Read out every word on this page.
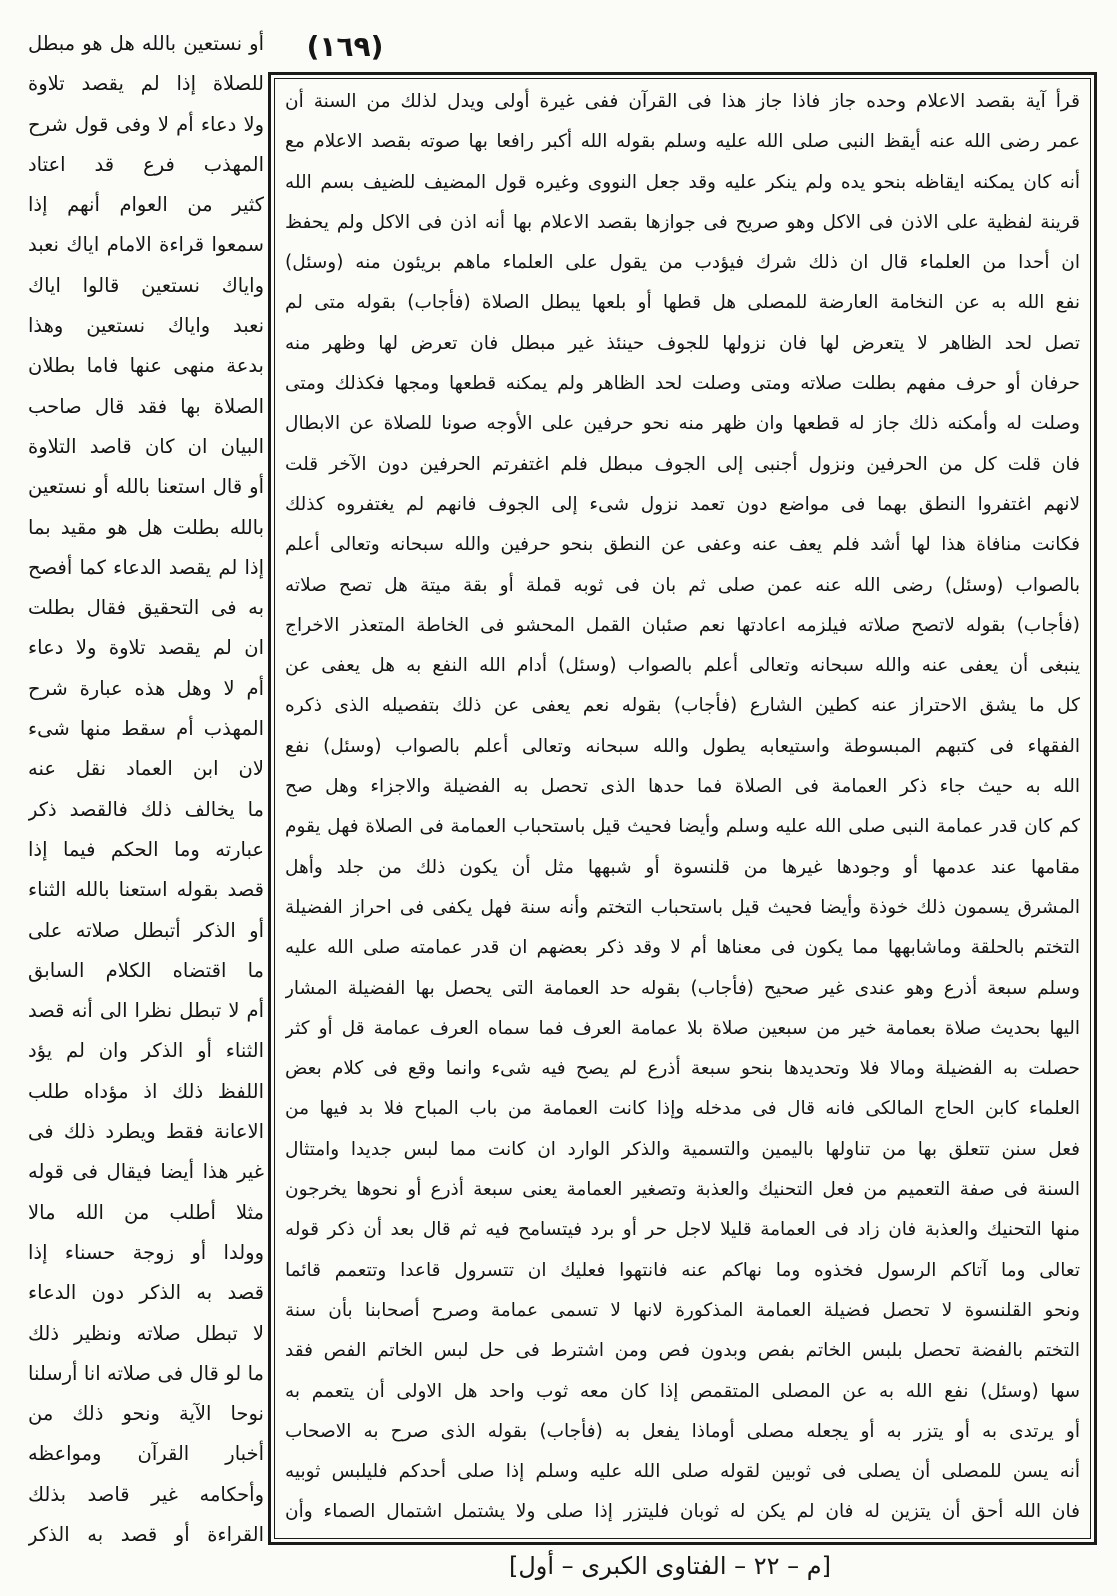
(١٦٩)
أو نستعين بالله هل هو مبطل
للصلاة إذا لم يقصد تلاوة
ولا دعاء أم لا وفى قول شرح
المهذب فرع قد اعتاد
كثير من العوام أنهم إذا
سمعوا قراءة الامام اياك نعبد
واياك نستعين قالوا اياك
نعبد واياك نستعين وهذا
بدعة منهى عنها فاما بطلان
الصلاة بها فقد قال صاحب
البيان ان كان قاصد التلاوة
أو قال استعنا بالله أو نستعين
بالله بطلت هل هو مقيد بما
إذا لم يقصد الدعاء كما أفصح
به فى التحقيق فقال بطلت
ان لم يقصد تلاوة ولا دعاء
أم لا وهل هذه عبارة شرح
المهذب أم سقط منها شىء
لان ابن العماد نقل عنه
ما يخالف ذلك فالقصد ذكر
عبارته وما الحكم فيما إذا
قصد بقوله استعنا بالله الثناء
أو الذكر أتبطل صلاته على
ما اقتضاه الكلام السابق
أم لا تبطل نظرا الى أنه قصد
الثناء أو الذكر وان لم يؤد
اللفظ ذلك اذ مؤداه طلب
الاعانة فقط ويطرد ذلك فى
غير هذا أيضا فيقال فى قوله
مثلا أطلب من الله مالا
وولدا أو زوجة حسناء إذا
قصد به الذكر دون الدعاء
لا تبطل صلاته ونظير ذلك
ما لو قال فى صلاته انا أرسلنا
نوحا الآية ونحو ذلك من
أخبار القرآن ومواعظه
وأحكامه غير قاصد بذلك
القراءة أو قصد به الذكر
قرأ آية بقصد الاعلام وحده جاز فاذا جاز هذا فى القرآن ففى غيرة أولى ويدل لذلك من السنة أن
عمر رضى الله عنه أيقظ النبى صلى الله عليه وسلم بقوله الله أكبر رافعا بها صوته بقصد الاعلام مع
أنه كان يمكنه ايقاظه بنحو يده ولم ينكر عليه وقد جعل النووى وغيره قول المضيف للضيف بسم الله
قرينة لفظية على الاذن فى الاكل وهو صريح فى جوازها بقصد الاعلام بها أنه اذن فى الاكل ولم يحفظ
ان أحدا من العلماء قال ان ذلك شرك فيؤدب من يقول على العلماء ماهم بريئون منه (وسئل)
نفع الله به عن النخامة العارضة للمصلى هل قطها أو بلعها يبطل الصلاة (فأجاب) بقوله متى لم
تصل لحد الظاهر لا يتعرض لها فان نزولها للجوف حينئذ غير مبطل فان تعرض لها وظهر منه
حرفان أو حرف مفهم بطلت صلاته ومتى وصلت لحد الظاهر ولم يمكنه قطعها ومجها فكذلك ومتى
وصلت له وأمكنه ذلك جاز له قطعها وان ظهر منه نحو حرفين على الأوجه صونا للصلاة عن الابطال
فان قلت كل من الحرفين ونزول أجنبى إلى الجوف مبطل فلم اغتفرتم الحرفين دون الآخر قلت
لانهم اغتفروا النطق بهما فى مواضع دون تعمد نزول شىء إلى الجوف فانهم لم يغتفروه كذلك
فكانت منافاة هذا لها أشد فلم يعف عنه وعفى عن النطق بنحو حرفين والله سبحانه وتعالى أعلم
بالصواب (وسئل) رضى الله عنه عمن صلى ثم بان فى ثوبه قملة أو بقة ميتة هل تصح صلاته
(فأجاب) بقوله لاتصح صلاته فيلزمه اعادتها نعم صئبان القمل المحشو فى الخاطة المتعذر الاخراج
ينبغى أن يعفى عنه والله سبحانه وتعالى أعلم بالصواب (وسئل) أدام الله النفع به هل يعفى عن
كل ما يشق الاحتراز عنه كطين الشارع (فأجاب) بقوله نعم يعفى عن ذلك بتفصيله الذى ذكره
الفقهاء فى كتبهم المبسوطة واستيعابه يطول والله سبحانه وتعالى أعلم بالصواب (وسئل) نفع
الله به حيث جاء ذكر العمامة فى الصلاة فما حدها الذى تحصل به الفضيلة والاجزاء وهل صح
كم كان قدر عمامة النبى صلى الله عليه وسلم وأيضا فحيث قيل باستحباب العمامة فى الصلاة فهل يقوم
مقامها عند عدمها أو وجودها غيرها من قلنسوة أو شبهها مثل أن يكون ذلك من جلد وأهل
المشرق يسمون ذلك خوذة وأيضا فحيث قيل باستحباب التختم وأنه سنة فهل يكفى فى احراز الفضيلة
التختم بالحلقة وماشابهها مما يكون فى معناها أم لا وقد ذكر بعضهم ان قدر عمامته صلى الله عليه
وسلم سبعة أذرع وهو عندى غير صحيح (فأجاب) بقوله حد العمامة التى يحصل بها الفضيلة المشار
اليها بحديث صلاة بعمامة خير من سبعين صلاة بلا عمامة العرف فما سماه العرف عمامة قل أو كثر
حصلت به الفضيلة ومالا فلا وتحديدها بنحو سبعة أذرع لم يصح فيه شىء وانما وقع فى كلام بعض
العلماء كابن الحاج المالكى فانه قال فى مدخله وإذا كانت العمامة من باب المباح فلا بد فيها من
فعل سنن تتعلق بها من تناولها باليمين والتسمية والذكر الوارد ان كانت مما لبس جديدا وامتثال
السنة فى صفة التعميم من فعل التحنيك والعذبة وتصغير العمامة يعنى سبعة أذرع أو نحوها يخرجون
منها التحنيك والعذبة فان زاد فى العمامة قليلا لاجل حر أو برد فيتسامح فيه ثم قال بعد أن ذكر قوله
تعالى وما آتاكم الرسول فخذوه وما نهاكم عنه فانتهوا فعليك ان تتسرول قاعدا وتتعمم قائما
ونحو القلنسوة لا تحصل فضيلة العمامة المذكورة لانها لا تسمى عمامة وصرح أصحابنا بأن سنة
التختم بالفضة تحصل بلبس الخاتم بفص وبدون فص ومن اشترط فى حل لبس الخاتم الفص فقد
سها (وسئل) نفع الله به عن المصلى المتقمص إذا كان معه ثوب واحد هل الاولى أن يتعمم به
أو يرتدى به أو يتزر به أو يجعله مصلى أوماذا يفعل به (فأجاب) بقوله الذى صرح به الاصحاب
أنه يسن للمصلى أن يصلى فى ثوبين لقوله صلى الله عليه وسلم إذا صلى أحدكم فليلبس ثوبيه
فان الله أحق أن يتزين له فان لم يكن له ثوبان فليتزر إذا صلى ولا يشتمل اشتمال الصماء وأن
[م – ٢٢ – الفتاوى الكبرى – أول]
